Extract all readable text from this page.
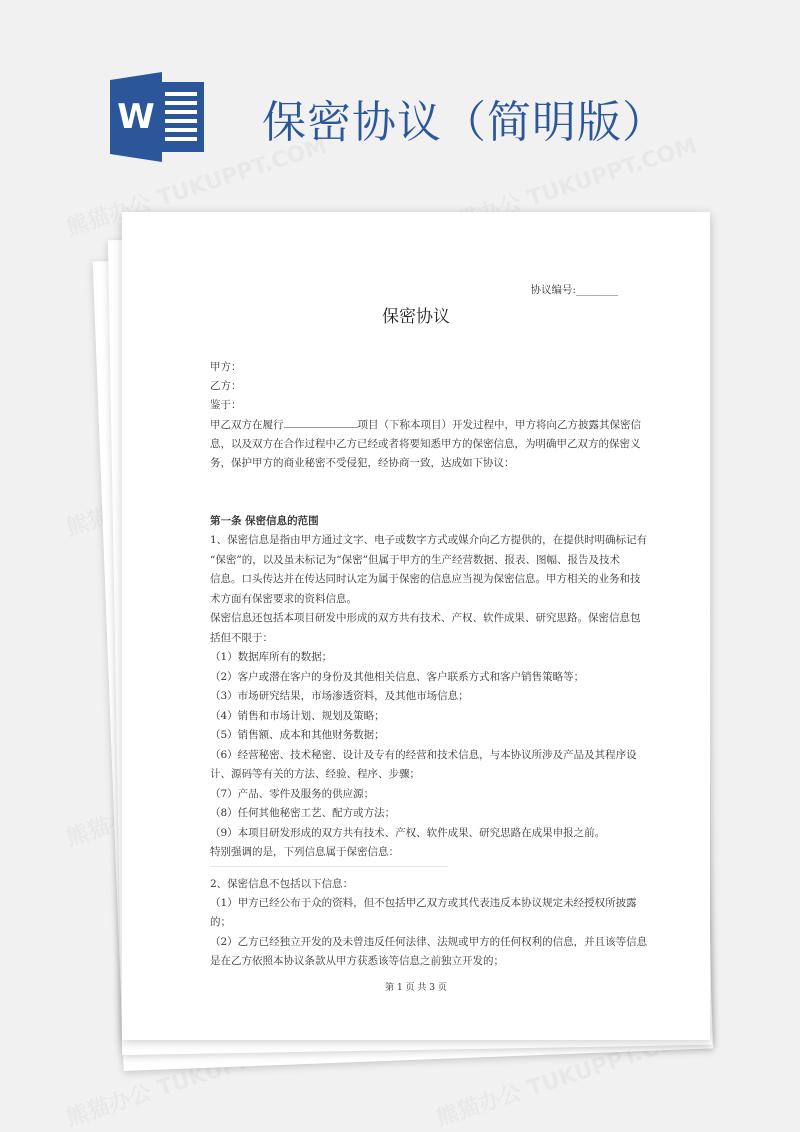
W 保密协议（简明版）
协议编号:________
保密协议
甲方：
乙方：
鉴于：
甲乙双方在履行	项目（下称本项目）开发过程中，甲方将向乙方披露其保密信
息，以及双方在合作过程中乙方已经或者将要知悉甲方的保密信息，为明确甲乙双方的保密义
务，保护甲方的商业秘密不受侵犯，经协商一致，达成如下协议：
第一条 保密信息的范围
1、保密信息是指由甲方通过文字、电子或数字方式或媒介向乙方提供的，在提供时明确标记有
“保密”的，以及虽未标记为“保密”但属于甲方的生产经营数据、报表、图幅、报告及技术
信息。口头传达并在传达同时认定为属于保密的信息应当视为保密信息。甲方相关的业务和技
术方面有保密要求的资料信息。
保密信息还包括本项目研发中形成的双方共有技术、产权、软件成果、研究思路。保密信息包
括但不限于：
（1）数据库所有的数据；
（2）客户或潜在客户的身份及其他相关信息、客户联系方式和客户销售策略等；
（3）市场研究结果，市场渗透资料，及其他市场信息；
（4）销售和市场计划、规划及策略；
（5）销售额、成本和其他财务数据；
（6）经营秘密、技术秘密、设计及专有的经营和技术信息，与本协议所涉及产品及其程序设
计、源码等有关的方法、经验、程序、步骤；
（7）产品、零件及服务的供应源；
（8）任何其他秘密工艺、配方或方法；
（9）本项目研发形成的双方共有技术、产权、软件成果、研究思路在成果申报之前。
特别强调的是，下列信息属于保密信息：
2、保密信息不包括以下信息：
（1）甲方已经公布于众的资料，但不包括甲乙双方或其代表违反本协议规定未经授权所披露
的；
（2）乙方已经独立开发的及未曾违反任何法律、法规或甲方的任何权利的信息，并且该等信息
是在乙方依照本协议条款从甲方获悉该等信息之前独立开发的；
第 1 页 共 3 页
